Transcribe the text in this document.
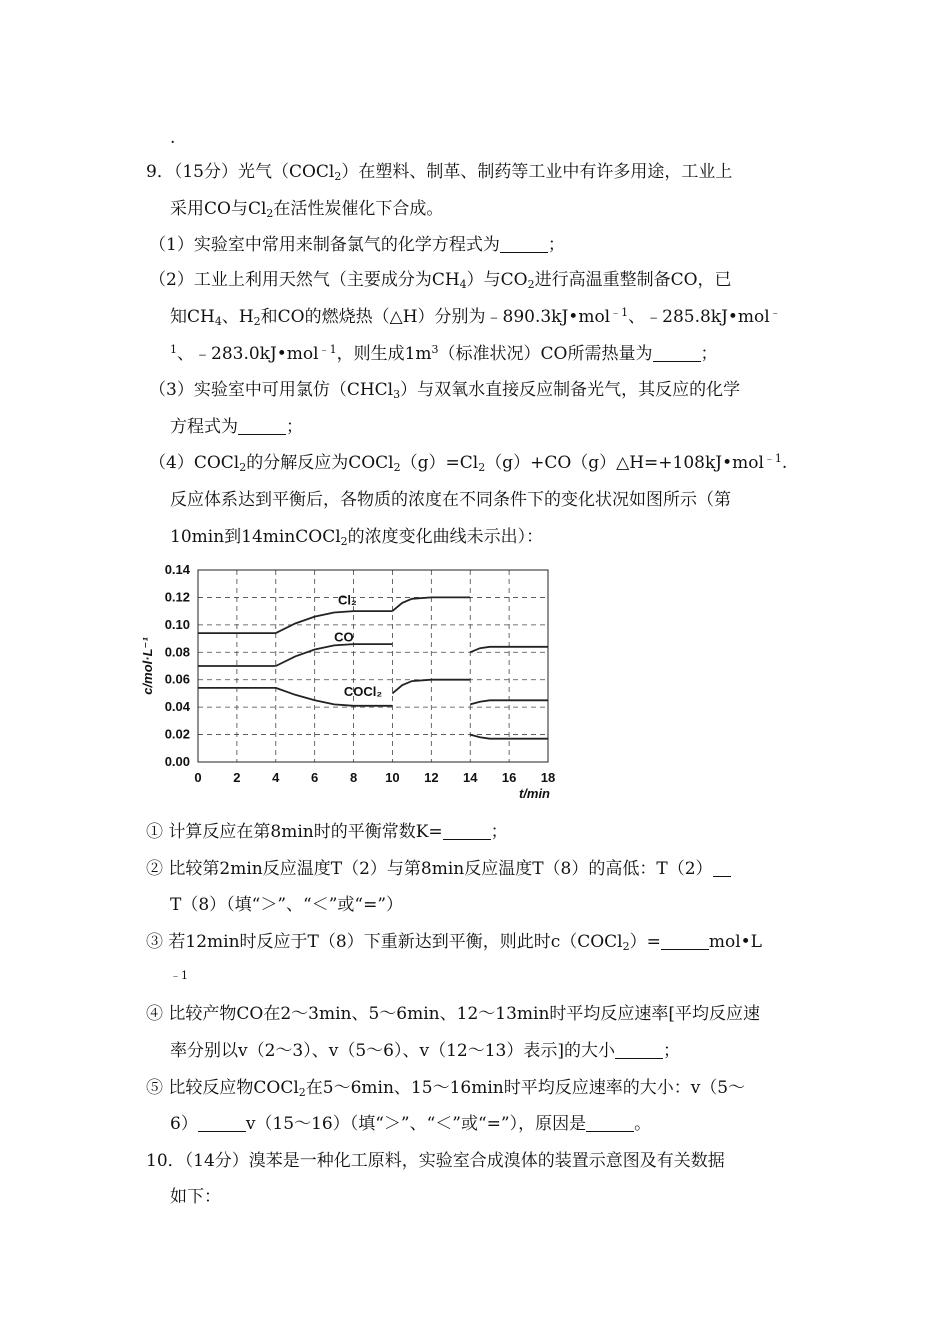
.
9．（15分）光气（COCl$_2$）在塑料、制革、制药等工业中有许多用途，工业上
采用CO与$Cl_2$在活性炭催化下合成。
（1）实验室中常用来制备氯气的化学方程式为	；
（2）工业上利用天然气（主要成分为$CH_4$）与$CO_2$进行高温重整制备CO，已
知$CH_4$、$H_2$和CO的燃烧热（△H）分别为﹣890.3kJ•mol$^{﹣1}$、﹣285.8kJ•mol﹣
$^1$、﹣283.0kJ•mol$^{﹣1}$，则生成$1m^3$（标准状况）CO所需热量为	；
（3）实验室中可用氯仿（CHCl$_3$）与双氧水直接反应制备光气，其反应的化学
方程式为	；
（4）COCl$_2$的分解反应为$COCl_2(g)=Cl_2(g)+CO(g)\triangle H=+108kJ•mol^{﹣1}$.
反应体系达到平衡后，各物质的浓度在不同条件下的变化状况如图所示（第
10min到14minCOCl$_2$的浓度变化曲线未示出）：
0 2 4 6 8 10 12 14 16 18
0.00
0.02
0.04
0.06
0.08
0.10
0.12
0.14
c/mol·L⁻¹
t/min
Cl₂
CO
COCl₂
① 计算反应在第8min时的平衡常数K=	；
② 比较第2min反应温度T（2）与第8min反应温度T（8）的高低：T（2）
T（8）（填“＞”、“＜”或“=”）
③ 若12min时反应于T（8）下重新达到平衡，则此时c（COCl$_2$）=	mol•L
﹣1
④ 比较产物CO在2～3min、5～6min、12～13min时平均反应速率[平均反应速
率分别以v（2～3）、v（5～6）、v（12～13）表示]的大小	；
⑤ 比较反应物COCl$_2$在5～6min、15～16min时平均反应速率的大小：v（5～
6）	v（15～16）（填“＞”、“＜”或“=”），原因是	。
10．（14分）溴苯是一种化工原料，实验室合成溴体的装置示意图及有关数据
如下：
